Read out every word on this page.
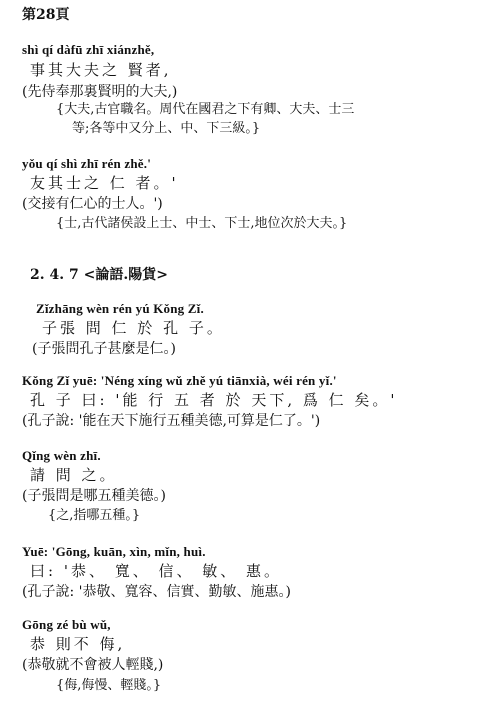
第28頁
shì qí dàfū zhī xiánzhě,
事其大夫之 賢者,
(先侍奉那裏賢明的大夫,)
{大夫,古官職名。周代在國君之下有卿、大夫、士三
等;各等中又分上、中、下三級。}
yǒu qí shì zhī rén zhě.'
友其士之 仁 者。'
(交接有仁心的士人。')
{士,古代諸侯設上士、中士、下士,地位次於大夫。}
2. 4. 7 <論語.陽貨>
Zǐzhāng wèn rén yú Kǒng Zǐ.
子張 問 仁 於 孔 子。
(子張問孔子甚麼是仁。)
Kǒng Zǐ yuē: 'Néng xíng wǔ zhě yú tiānxià, wéi rén yǐ.'
孔 子 曰: '能 行 五 者 於 天下, 爲 仁 矣。'
(孔子說: '能在天下施行五種美德,可算是仁了。')
Qǐng wèn zhī.
請 問 之。
(子張問是哪五種美德。)
{之,指哪五種。}
Yuē: 'Gōng, kuān, xìn, mǐn, huì.
曰: '恭、 寬、 信、 敏、 惠。
(孔子說: '恭敬、寬容、信實、勤敏、施惠。)
Gōng zé bù wǔ,
恭 則不 侮,
(恭敬就不會被人輕賤,)
{侮,侮慢、輕賤。}
